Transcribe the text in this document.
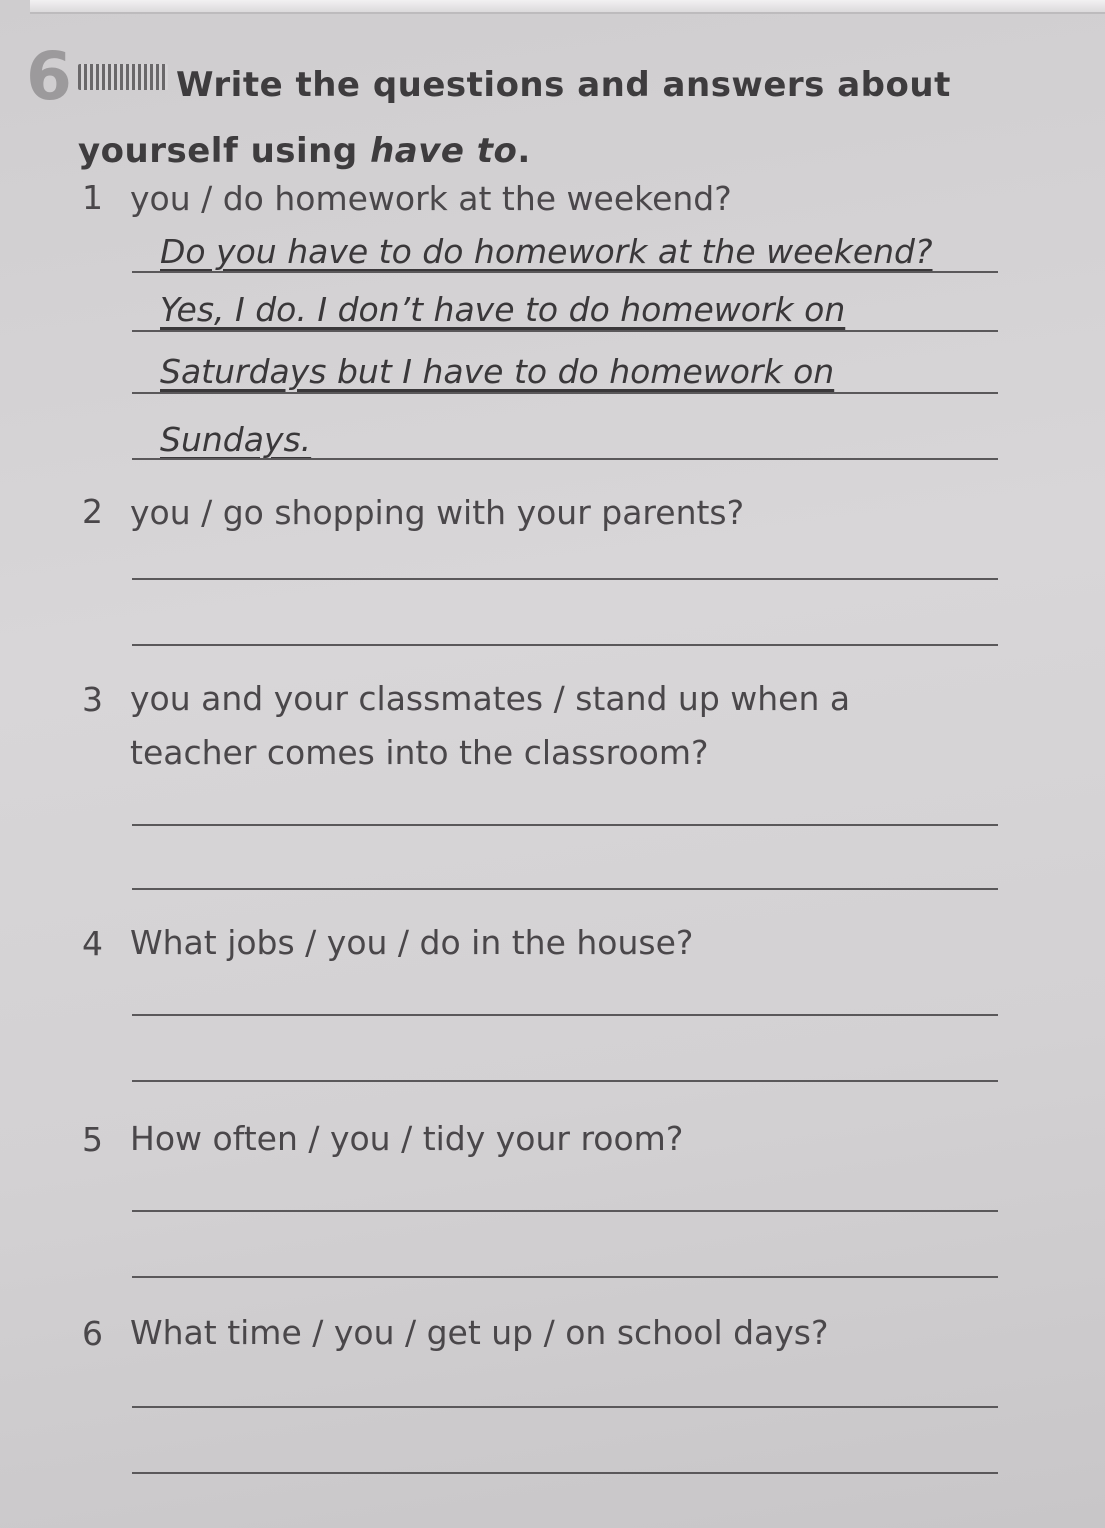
6	Write the questions and answers about yourself using have to.
1 you / do homework at the weekend?
Do you have to do homework at the weekend?
Yes, I do. I don’t have to do homework on
Saturdays but I have to do homework on
Sundays.
2 you / go shopping with your parents?
3 you and your classmates / stand up when a teacher comes into the classroom?
4 What jobs / you / do in the house?
5 How often / you / tidy your room?
6 What time / you / get up / on school days?
